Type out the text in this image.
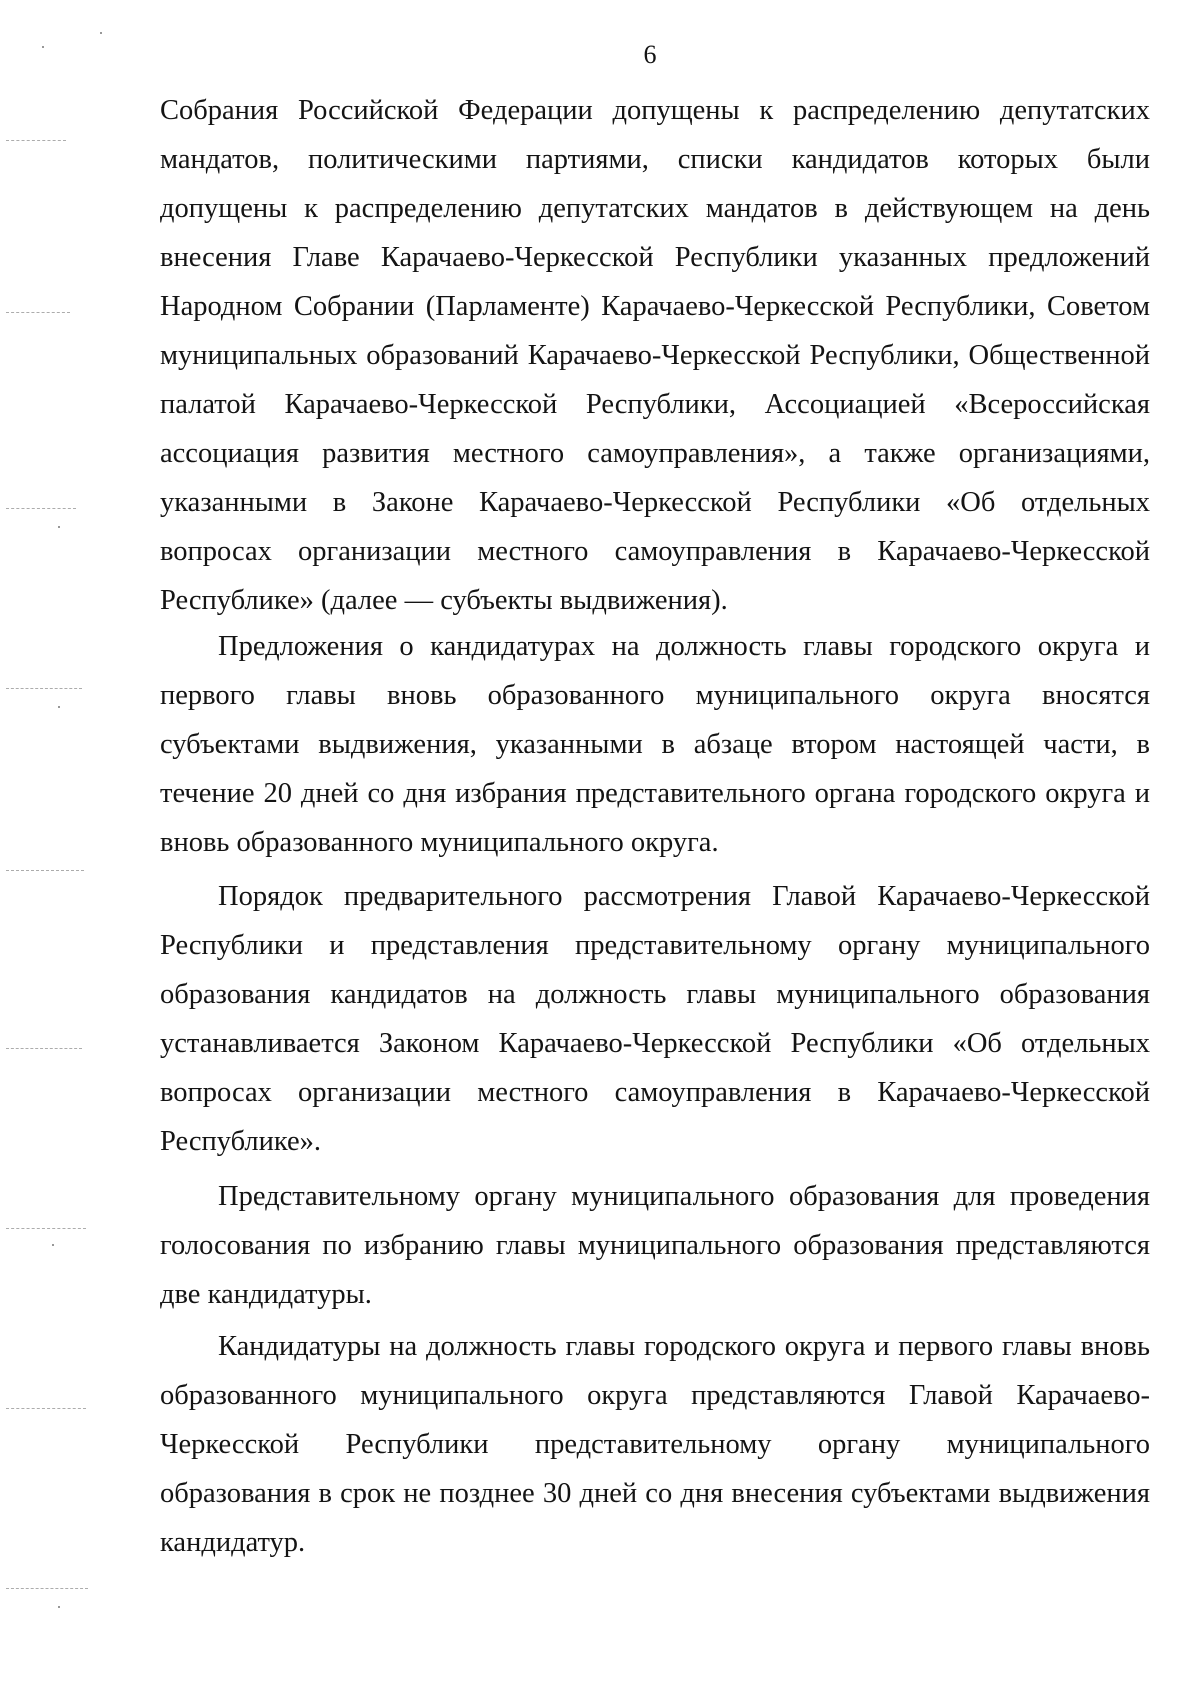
6

Собрания Российской Федерации допущены к распределению депутатских мандатов, политическими партиями, списки кандидатов которых были допущены к распределению депутатских мандатов в действующем на день внесения Главе Карачаево-Черкесской Республики указанных предложений Народном Собрании (Парламенте) Карачаево-Черкесской Республики, Советом муниципальных образований Карачаево-Черкесской Республики, Общественной палатой Карачаево-Черкесской Республики, Ассоциацией «Всероссийская ассоциация развития местного самоуправления», а также организациями, указанными в Законе Карачаево-Черкесской Республики «Об отдельных вопросах организации местного самоуправления в Карачаево-Черкесской Республике» (далее — субъекты выдвижения).

Предложения о кандидатурах на должность главы городского округа и первого главы вновь образованного муниципального округа вносятся субъектами выдвижения, указанными в абзаце втором настоящей части, в течение 20 дней со дня избрания представительного органа городского округа и вновь образованного муниципального округа.

Порядок предварительного рассмотрения Главой Карачаево-Черкесской Республики и представления представительному органу муниципального образования кандидатов на должность главы муниципального образования устанавливается Законом Карачаево-Черкесской Республики «Об отдельных вопросах организации местного самоуправления в Карачаево-Черкесской Республике».

Представительному органу муниципального образования для проведения голосования по избранию главы муниципального образования представляются две кандидатуры.

Кандидатуры на должность главы городского округа и первого главы вновь образованного муниципального округа представляются Главой Карачаево-Черкесской Республики представительному органу муниципального образования в срок не позднее 30 дней со дня внесения субъектами выдвижения кандидатур.
